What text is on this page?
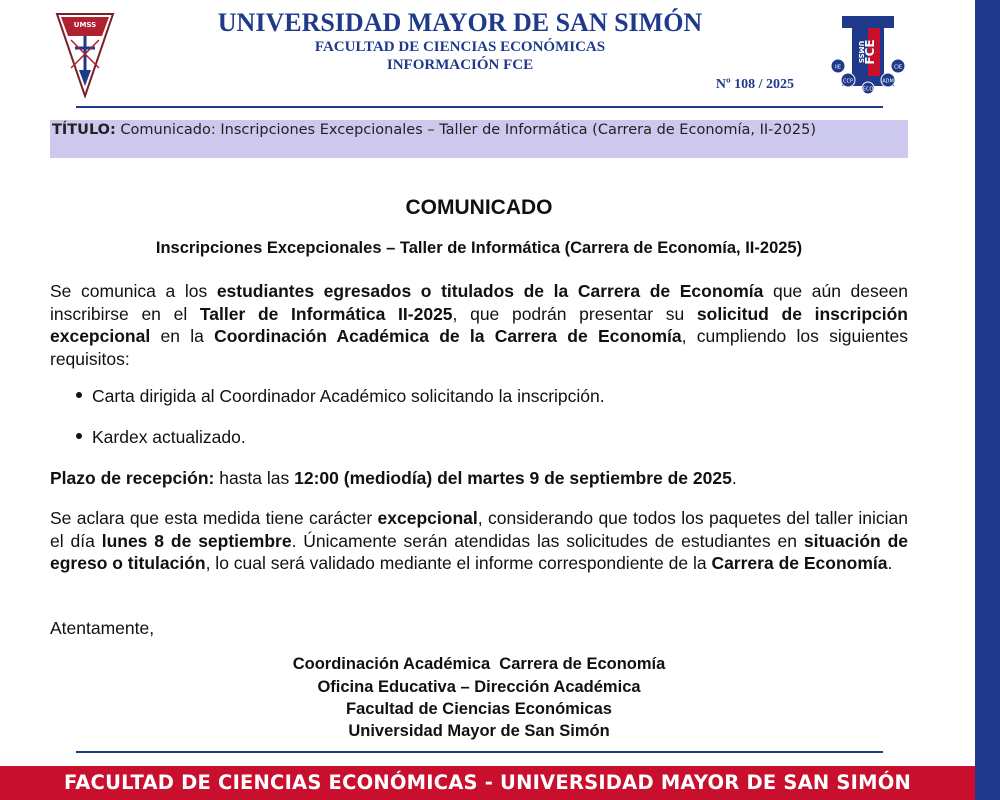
UMSS	UNIVERSIDAD MAYOR DE SAN SIMÓN
FACULTAD DE CIENCIAS ECONÓMICAS
INFORMACIÓN FCE
Nº 108 / 2025
FCE
UMSS
IIE	CIE
CCP
ECO
ADM
TÍTULO: Comunicado: Inscripciones Excepcionales – Taller de Informática (Carrera de Economía, II-2025)
COMUNICADO
Inscripciones Excepcionales – Taller de Informática (Carrera de Economía, II-2025)
Se comunica a los estudiantes egresados o titulados de la Carrera de Economía que aún deseen inscribirse en el Taller de Informática II-2025, que podrán presentar su solicitud de inscripción excepcional en la Coordinación Académica de la Carrera de Economía, cumpliendo los siguientes requisitos:
Carta dirigida al Coordinador Académico solicitando la inscripción.
Kardex actualizado.
Plazo de recepción: hasta las 12:00 (mediodía) del martes 9 de septiembre de 2025.
Se aclara que esta medida tiene carácter excepcional, considerando que todos los paquetes del taller inician el día lunes 8 de septiembre. Únicamente serán atendidas las solicitudes de estudiantes en situación de egreso o titulación, lo cual será validado mediante el informe correspondiente de la Carrera de Economía.
Atentamente,
Coordinación Académica  Carrera de Economía
Oficina Educativa – Dirección Académica
Facultad de Ciencias Económicas
Universidad Mayor de San Simón
FACULTAD DE CIENCIAS ECONÓMICAS - UNIVERSIDAD MAYOR DE SAN SIMÓN
